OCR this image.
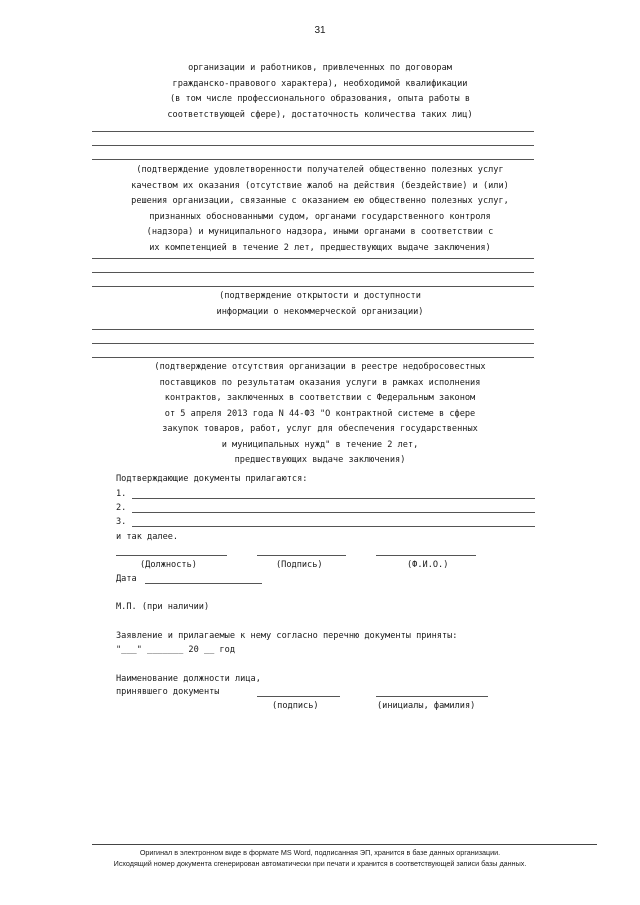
31
организации и работников, привлеченных по договорам
гражданско-правового характера), необходимой квалификации
(в том числе профессионального образования, опыта работы в
соответствующей сфере), достаточность количества таких лиц)
(подтверждение удовлетворенности получателей общественно полезных услуг
качеством их оказания (отсутствие жалоб на действия (бездействие) и (или)
решения организации, связанные с оказанием ею общественно полезных услуг,
признанных обоснованными судом, органами государственного контроля
(надзора) и муниципального надзора, иными органами в соответствии с
их компетенцией в течение 2 лет, предшествующих выдаче заключения)
(подтверждение открытости и доступности
информации о некоммерческой организации)
(подтверждение отсутствия организации в реестре недобросовестных
поставщиков по результатам оказания услуги в рамках исполнения
контрактов, заключенных в соответствии с Федеральным законом
от 5 апреля 2013 года N 44-ФЗ "О контрактной системе в сфере
закупок товаров, работ, услуг для обеспечения государственных
и муниципальных нужд" в течение 2 лет,
предшествующих выдаче заключения)
Подтверждающие документы прилагаются:
1.
2.
3.
и так далее.
(Должность)	(Подпись)	(Ф.И.О.)
Дата
М.П. (при наличии)
Заявление и прилагаемые к нему согласно перечню документы приняты:
"___" _______ 20 __ год
Наименование должности лица,
принявшего документы
(подпись)	(инициалы, фамилия)
Оригинал в электронном виде в формате MS Word, подписанная ЭП, хранится в базе данных организации.
Исходящий номер документа сгенерирован автоматически при печати и хранится в соответствующей записи базы данных.
